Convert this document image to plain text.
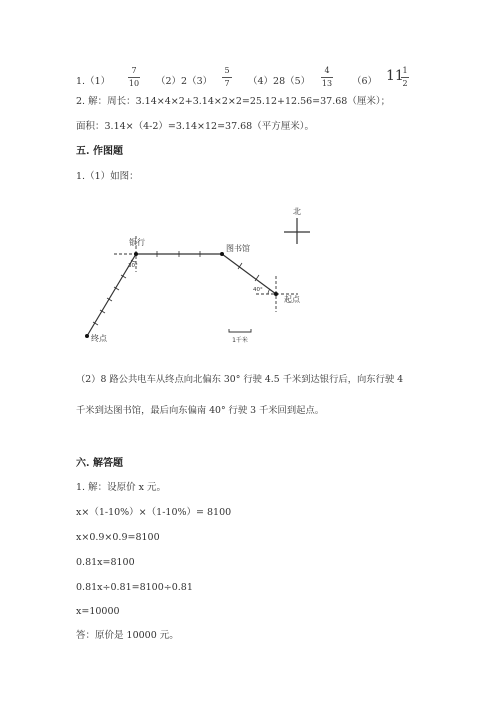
1.（1）
7
10 （2）2（3）
5
7 （4）28（5）
4
13 （6） 11
1
2
2. 解：周长：3.14×4×2+3.14×2×2=25.12+12.56=37.68（厘米）；
面积：3.14×（4-2）=3.14×12=37.68（平方厘米）。
五. 作图题
1.（1）如图：
北
银行
图书馆
起点
终点
30°
40°
1千米
（2）8 路公共电车从终点向北偏东 30° 行驶 4.5 千米到达银行后，向东行驶 4
千米到达图书馆，最后向东偏南 40° 行驶 3 千米回到起点。
六. 解答题
1. 解：设原价 x 元。
x×（1-10%）×（1-10%）= 8100
x×0.9×0.9=8100
0.81x=8100
0.81x÷0.81=8100÷0.81
x=10000
答：原价是 10000 元。
